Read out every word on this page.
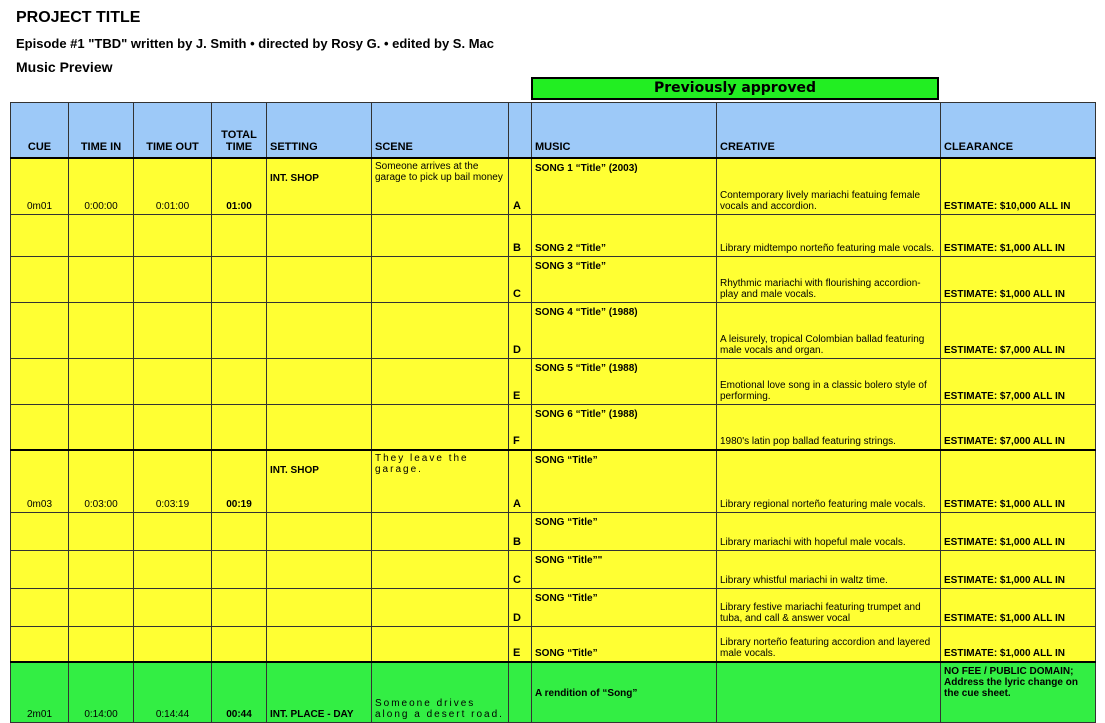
PROJECT TITLE
Episode #1 "TBD" written by J. Smith • directed by Rosy G. • edited by S. Mac
Music Preview
Previously approved
CUE	TIME IN	TIME OUT	TOTAL TIME	SETTING	SCENE		MUSIC	CREATIVE	CLEARANCE
0m01	0:00:00	0:01:00	01:00	INT. SHOP	Someone arrives at the garage to pick up bail money	A	SONG 1 “Title” (2003)	Contemporary lively mariachi featuing female vocals and accordion.	ESTIMATE: $10,000 ALL IN
						B	SONG 2 “Title”	Library midtempo norteño featuring male vocals.	ESTIMATE: $1,000 ALL IN
						C	SONG 3 “Title”	Rhythmic mariachi with flourishing accordion-play and male vocals.	ESTIMATE: $1,000 ALL IN
						D	SONG 4 “Title” (1988)	A leisurely, tropical Colombian ballad featuring male vocals and organ.	ESTIMATE: $7,000 ALL IN
						E	SONG 5 “Title” (1988)	Emotional love song in a classic bolero style of performing.	ESTIMATE: $7,000 ALL IN
						F	SONG 6 “Title” (1988)	1980's latin pop ballad featuring strings.	ESTIMATE: $7,000 ALL IN
0m03	0:03:00	0:03:19	00:19	INT. SHOP	They leave the garage.	A	SONG “Title”	Library regional norteño featuring male vocals.	ESTIMATE: $1,000 ALL IN
						B	SONG “Title”	Library mariachi with hopeful male vocals.	ESTIMATE: $1,000 ALL IN
						C	SONG “Title”"	Library whistful mariachi in waltz time.	ESTIMATE: $1,000 ALL IN
						D	SONG “Title”	Library festive mariachi featuring trumpet and tuba, and call & answer vocal	ESTIMATE: $1,000 ALL IN
						E	SONG “Title”	Library norteño featuring accordion and layered male vocals.	ESTIMATE: $1,000 ALL IN
2m01	0:14:00	0:14:44	00:44	INT. PLACE - DAY	Someone drives along a desert road.		A rendition of “Song”		NO FEE / PUBLIC DOMAIN; Address the lyric change on the cue sheet.
